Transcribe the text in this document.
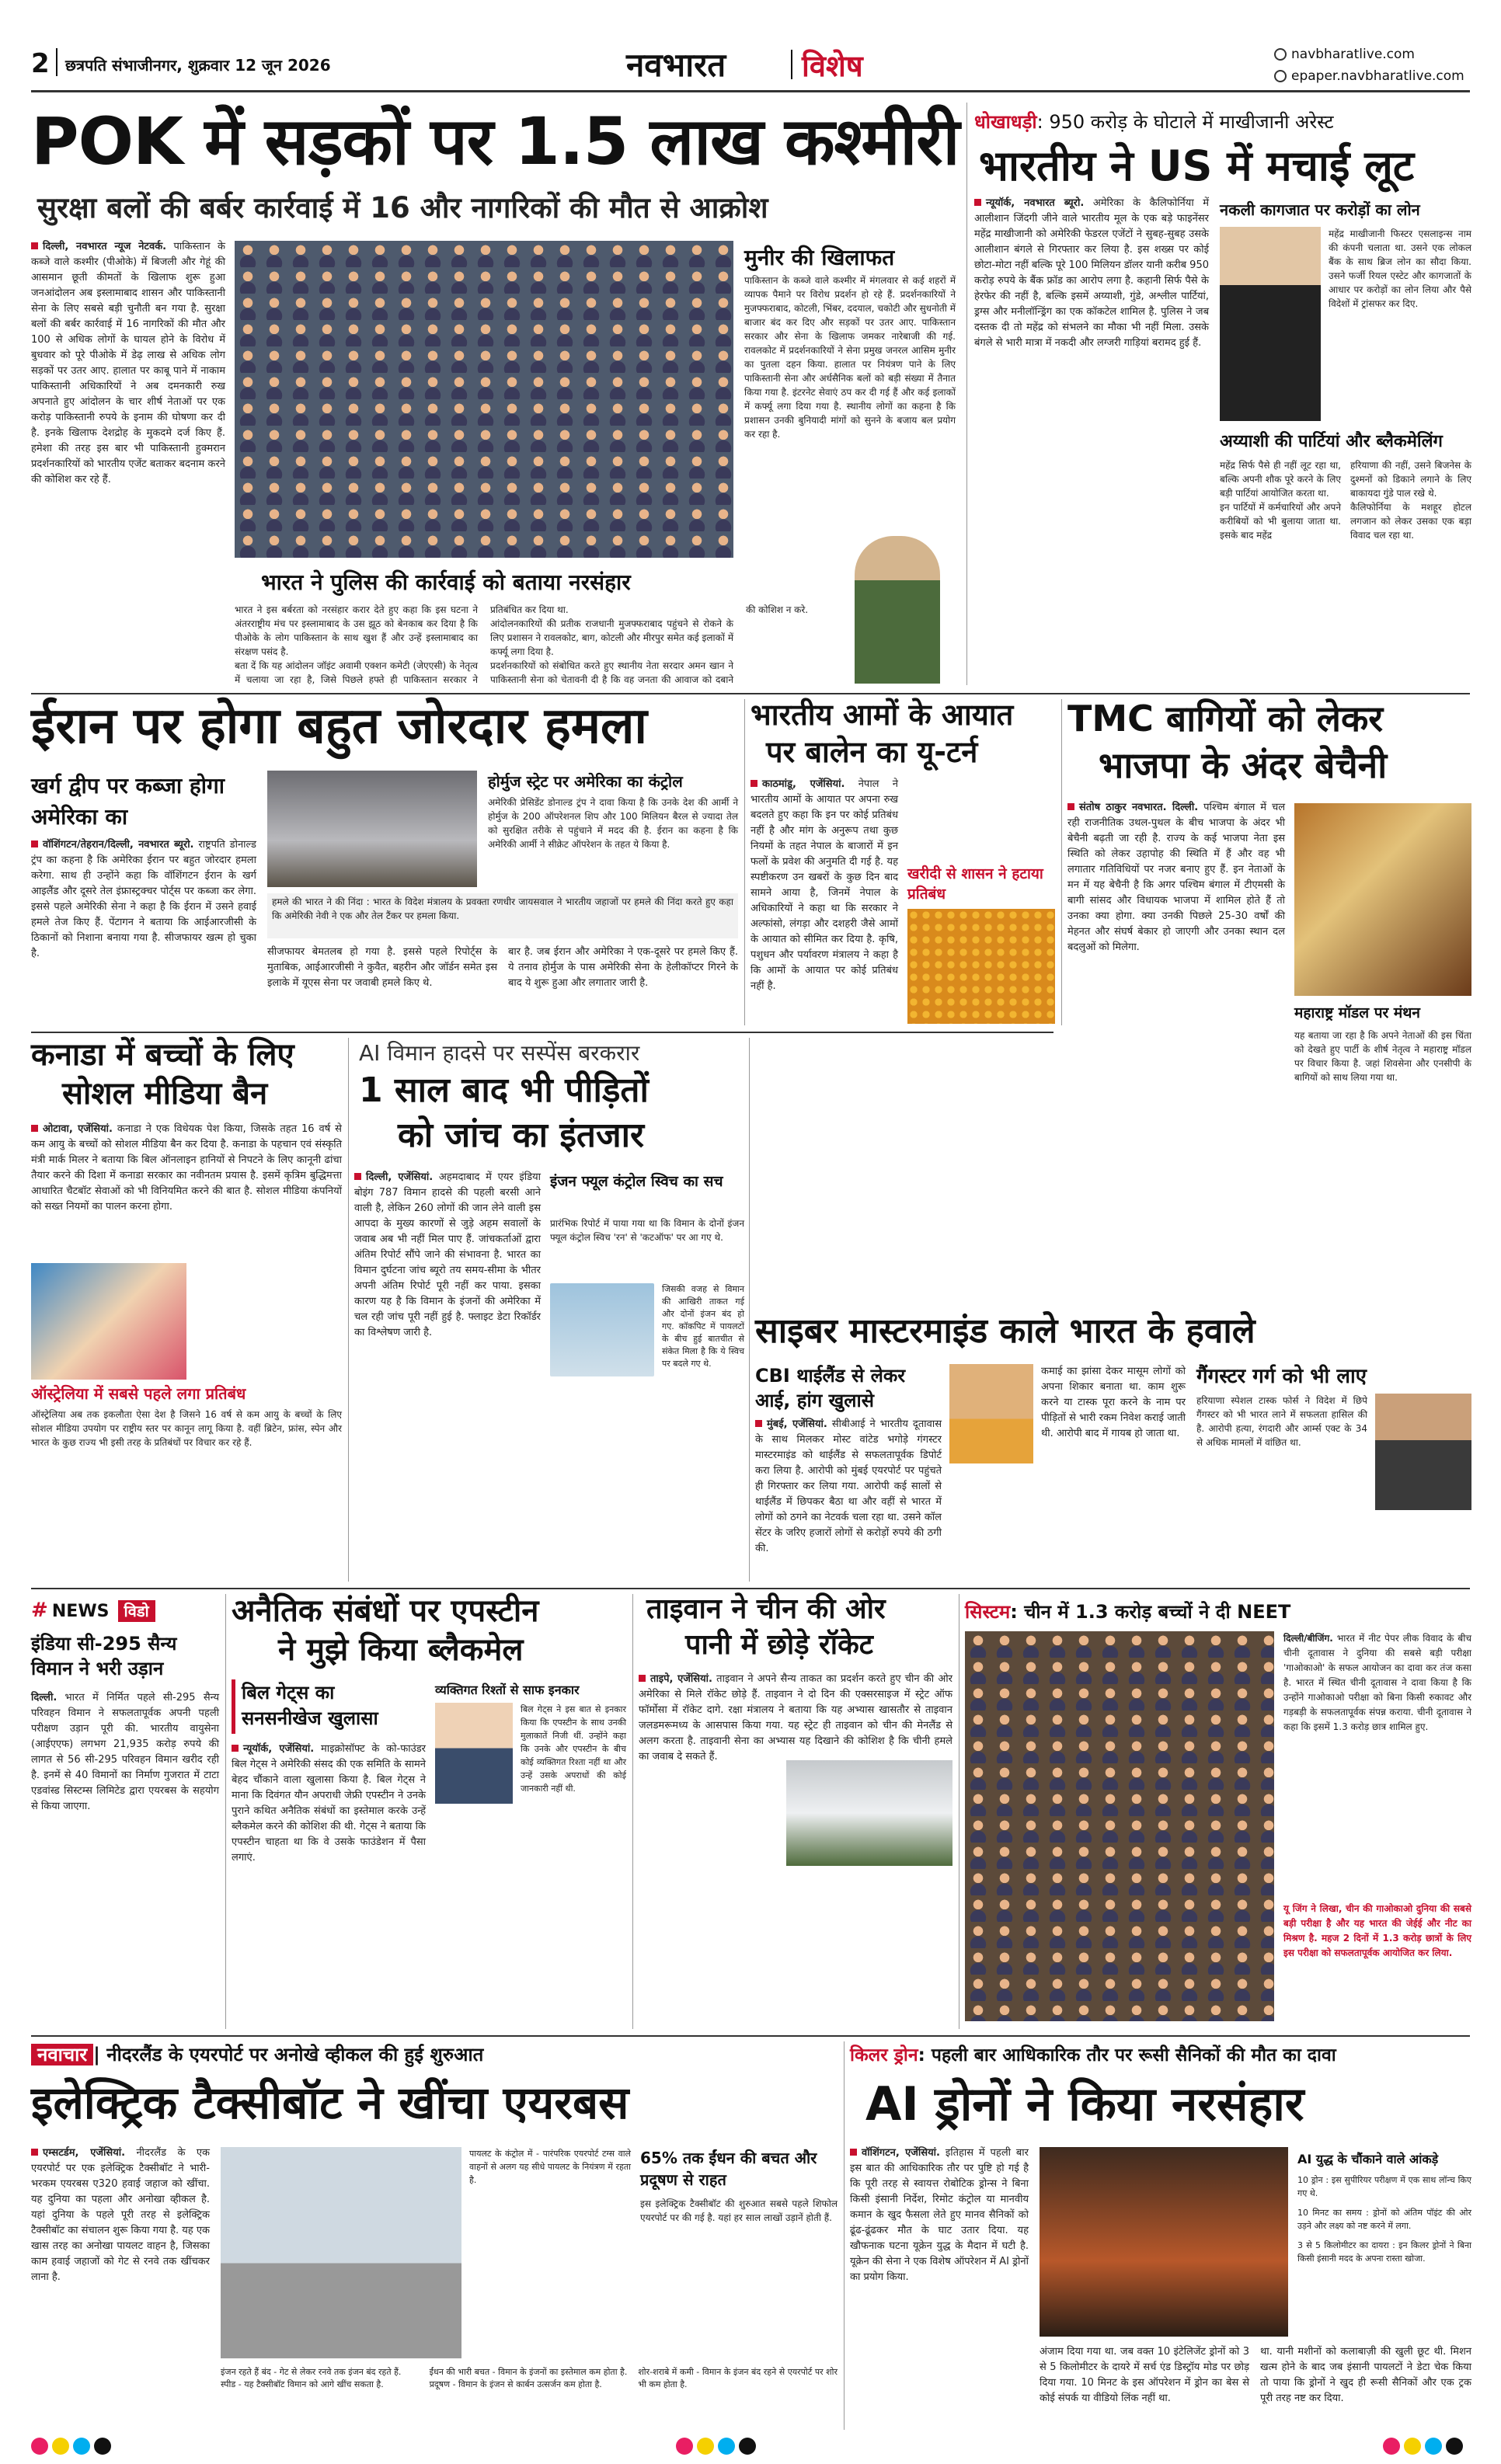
2 छत्रपति संभाजीनगर, शुक्रवार 12 जून 2026	नवभारत	विशेष	navbharatlive.com
epaper.navbharatlive.com
POK में सड़कों पर 1.5 लाख कश्मीरी
सुरक्षा बलों की बर्बर कार्रवाई में 16 और नागरिकों की मौत से आक्रोश
दिल्ली, नवभारत न्यूज नेटवर्क. पाकिस्तान के कब्जे वाले कश्मीर (पीओके) में बिजली और गेहूं की आसमान छूती कीमतों के खिलाफ शुरू हुआ जनआंदोलन अब इस्लामाबाद शासन और पाकिस्तानी सेना के लिए सबसे बड़ी चुनौती बन गया है. सुरक्षा बलों की बर्बर कार्रवाई में 16 नागरिकों की मौत और 100 से अधिक लोगों के घायल होने के विरोध में बुधवार को पूरे पीओके में डेढ़ लाख से अधिक लोग सड़कों पर उतर आए. हालात पर काबू पाने में नाकाम पाकिस्तानी अधिकारियों ने अब दमनकारी रुख अपनाते हुए आंदोलन के चार शीर्ष नेताओं पर एक करोड़ पाकिस्तानी रुपये के इनाम की घोषणा कर दी है. इनके खिलाफ देशद्रोह के मुकदमे दर्ज किए हैं. हमेशा की तरह इस बार भी पाकिस्तानी हुक्मरान प्रदर्शनकारियों को भारतीय एजेंट बताकर बदनाम करने की कोशिश कर रहे हैं.
भारत ने पुलिस की कार्रवाई को बताया नरसंहार
भारत ने इस बर्बरता को नरसंहार करार देते हुए कहा कि इस घटना ने अंतरराष्ट्रीय मंच पर इस्लामाबाद के उस झूठ को बेनकाब कर दिया है कि पीओके के लोग पाकिस्तान के साथ खुश हैं और उन्हें इस्लामाबाद का संरक्षण पसंद है.
बता दें कि यह आंदोलन जॉइंट अवामी एक्शन कमेटी (जेएएसी) के नेतृत्व में चलाया जा रहा है, जिसे पिछले हफ्ते ही पाकिस्तान सरकार ने प्रतिबंधित कर दिया था.
आंदोलनकारियों की प्रतीक राजधानी मुजफ्फराबाद पहुंचने से रोकने के लिए प्रशासन ने रावलकोट, बाग, कोटली और मीरपुर समेत कई इलाकों में कर्फ्यू लगा दिया है.
प्रदर्शनकारियों को संबोधित करते हुए स्थानीय नेता सरदार अमन खान ने पाकिस्तानी सेना को चेतावनी दी है कि वह जनता की आवाज को दबाने की कोशिश न करे.
मुनीर की खिलाफत
पाकिस्तान के कब्जे वाले कश्मीर में मंगलवार से कई शहरों में व्यापक पैमाने पर विरोध प्रदर्शन हो रहे हैं. प्रदर्शनकारियों ने मुजफ्फराबाद, कोटली, भिंबर, ददयाल, चकोटी और सुधनोती में बाजार बंद कर दिए और सड़कों पर उतर आए. पाकिस्तान सरकार और सेना के खिलाफ जमकर नारेबाजी की गई. रावलकोट में प्रदर्शनकारियों ने सेना प्रमुख जनरल आसिम मुनीर का पुतला दहन किया. हालात पर नियंत्रण पाने के लिए पाकिस्तानी सेना और अर्धसैनिक बलों को बड़ी संख्या में तैनात किया गया है. इंटरनेट सेवाएं ठप कर दी गई हैं और कई इलाकों में कर्फ्यू लगा दिया गया है. स्थानीय लोगों का कहना है कि प्रशासन उनकी बुनियादी मांगों को सुनने के बजाय बल प्रयोग कर रहा है.
धोखाधड़ी: 950 करोड़ के घोटाले में माखीजानी अरेस्ट
भारतीय ने US में मचाई लूट
न्यूयॉर्क, नवभारत ब्यूरो. अमेरिका के कैलिफोर्निया में आलीशान जिंदगी जीने वाले भारतीय मूल के एक बड़े फाइनेंसर महेंद्र माखीजानी को अमेरिकी फेडरल एजेंटों ने सुबह-सुबह उसके आलीशान बंगले से गिरफ्तार कर लिया है. इस शख्स पर कोई छोटा-मोटा नहीं बल्कि पूरे 100 मिलियन डॉलर यानी करीब 950 करोड़ रुपये के बैंक फ्रॉड का आरोप लगा है. कहानी सिर्फ पैसे के हेरफेर की नहीं है, बल्कि इसमें अय्याशी, गुंडे, अश्लील पार्टियां, ड्रग्स और मनीलॉन्ड्रिंग का एक कॉकटेल शामिल है. पुलिस ने जब दस्तक दी तो महेंद्र को संभलने का मौका भी नहीं मिला. उसके बंगले से भारी मात्रा में नकदी और लग्जरी गाड़ियां बरामद हुई हैं.
नकली कागजात पर करोड़ों का लोन
महेंद्र माखीजानी फिस्टर एसलाइन्स नाम की कंपनी चलाता था. उसने एक लोकल बैंक के साथ ब्रिज लोन का सौदा किया. उसने फर्जी रियल एस्टेट और कागजातों के आधार पर करोड़ों का लोन लिया और पैसे विदेशों में ट्रांसफर कर दिए.
अय्याशी की पार्टियां और ब्लैकमेलिंग
महेंद्र सिर्फ पैसे ही नहीं लूट रहा था, बल्कि अपनी शौक पूरे करने के लिए बड़ी पार्टियां आयोजित करता था.
इन पार्टियों में कर्मचारियों और अपने करीबियों को भी बुलाया जाता था. इसके बाद महेंद्र
हरियाणा की नहीं, उसने बिजनेस के दुश्मनों को डिकाने लगाने के लिए बाकायदा गुंडे पाल रखे थे.
कैलिफोर्निया के मशहूर होटल लगजान को लेकर उसका एक बड़ा विवाद चल रहा था.
ईरान पर होगा बहुत जोरदार हमला
खर्ग द्वीप पर कब्जा होगा अमेरिका का
वॉशिंगटन/तेहरान/दिल्ली, नवभारत ब्यूरो. राष्ट्रपति डोनाल्ड ट्रंप का कहना है कि अमेरिका ईरान पर बहुत जोरदार हमला करेगा. साथ ही उन्होंने कहा कि वॉशिंगटन ईरान के खर्ग आइलैंड और दूसरे तेल इंफ्रास्ट्रक्चर पोर्ट्स पर कब्जा कर लेगा. इससे पहले अमेरिकी सेना ने कहा है कि ईरान में उसने हवाई हमले तेज किए हैं. पेंटागन ने बताया कि आईआरजीसी के ठिकानों को निशाना बनाया गया है. सीजफायर खत्म हो चुका है.
होर्मुज स्ट्रेट पर अमेरिका का कंट्रोल
अमेरिकी प्रेसिडेंट डोनाल्ड ट्रंप ने दावा किया है कि उनके देश की आर्मी ने होर्मुज के 200 ऑपरेशनल शिप और 100 मिलियन बैरल से ज्यादा तेल को सुरक्षित तरीके से पहुंचाने में मदद की है. ईरान का कहना है कि अमेरिकी आर्मी ने सीक्रेट ऑपरेशन के तहत ये किया है.
हमले की भारत ने की निंदा : भारत के विदेश मंत्रालय के प्रवक्ता रणधीर जायसवाल ने भारतीय जहाजों पर हमले की निंदा करते हुए कहा कि अमेरिकी नेवी ने एक और तेल टैंकर पर हमला किया.
सीजफायर बेमतलब हो गया है. इससे पहले रिपोर्ट्स के मुताबिक, आईआरजीसी ने कुवैत, बहरीन और जॉर्डन समेत इस इलाके में यूएस सेना पर जवाबी हमले किए थे.
बार है. जब ईरान और अमेरिका ने एक-दूसरे पर हमले किए हैं. ये तनाव होर्मुज के पास अमेरिकी सेना के हेलीकॉप्टर गिरने के बाद ये शुरू हुआ और लगातार जारी है.
भारतीय आमों के आयात
पर बालेन का यू-टर्न
काठमांडू, एजेंसियां. नेपाल ने भारतीय आमों के आयात पर अपना रुख बदलते हुए कहा कि इन पर कोई प्रतिबंध नहीं है और मांग के अनुरूप तथा कुछ नियमों के तहत नेपाल के बाजारों में इन फलों के प्रवेश की अनुमति दी गई है. यह स्पष्टीकरण उन खबरों के कुछ दिन बाद सामने आया है, जिनमें नेपाल के अधिकारियों ने कहा था कि सरकार ने अल्फांसो, लंगड़ा और दशहरी जैसे आमों के आयात को सीमित कर दिया है. कृषि, पशुधन और पर्यावरण मंत्रालय ने कहा है कि आमों के आयात पर कोई प्रतिबंध नहीं है.
खरीदी से शासन ने हटाया प्रतिबंध
TMC बागियों को लेकर
भाजपा के अंदर बेचैनी
संतोष ठाकुर नवभारत. दिल्ली. पश्चिम बंगाल में चल रही राजनीतिक उथल-पुथल के बीच भाजपा के अंदर भी बेचैनी बढ़ती जा रही है. राज्य के कई भाजपा नेता इस स्थिति को लेकर उहापोह की स्थिति में हैं और वह भी लगातार गतिविधियों पर नजर बनाए हुए हैं. इन नेताओं के मन में यह बेचैनी है कि अगर पश्चिम बंगाल में टीएमसी के बागी सांसद और विधायक भाजपा में शामिल होते हैं तो उनका क्या होगा. क्या उनकी पिछले 25-30 वर्षों की मेहनत और संघर्ष बेकार हो जाएगी और उनका स्थान दल बदलुओं को मिलेगा.
महाराष्ट्र मॉडल पर मंथन
यह बताया जा रहा है कि अपने नेताओं की इस चिंता को देखते हुए पार्टी के शीर्ष नेतृत्व ने महाराष्ट्र मॉडल पर विचार किया है. जहां शिवसेना और एनसीपी के बागियों को साथ लिया गया था.
कनाडा में बच्चों के लिए
सोशल मीडिया बैन
ओटावा, एजेंसियां. कनाडा ने एक विधेयक पेश किया, जिसके तहत 16 वर्ष से कम आयु के बच्चों को सोशल मीडिया बैन कर दिया है. कनाडा के पहचान एवं संस्कृति मंत्री मार्क मिलर ने बताया कि बिल ऑनलाइन हानियों से निपटने के लिए कानूनी ढांचा तैयार करने की दिशा में कनाडा सरकार का नवीनतम प्रयास है. इसमें कृत्रिम बुद्धिमत्ता आधारित चैटबॉट सेवाओं को भी विनियमित करने की बात है. सोशल मीडिया कंपनियों को सख्त नियमों का पालन करना होगा.
ऑस्ट्रेलिया में सबसे पहले लगा प्रतिबंध
ऑस्ट्रेलिया अब तक इकलौता ऐसा देश है जिसने 16 वर्ष से कम आयु के बच्चों के लिए सोशल मीडिया उपयोग पर राष्ट्रीय स्तर पर कानून लागू किया है. वहीं ब्रिटेन, फ्रांस, स्पेन और भारत के कुछ राज्य भी इसी तरह के प्रतिबंधों पर विचार कर रहे हैं.
AI विमान हादसे पर सस्पेंस बरकरार
1 साल बाद भी पीड़ितों
को जांच का इंतजार
दिल्ली, एजेंसियां. अहमदाबाद में एयर इंडिया बोइंग 787 विमान हादसे की पहली बरसी आने वाली है, लेकिन 260 लोगों की जान लेने वाली इस आपदा के मुख्य कारणों से जुड़े अहम सवालों के जवाब अब भी नहीं मिल पाए हैं. जांचकर्ताओं द्वारा अंतिम रिपोर्ट सौंपे जाने की संभावना है. भारत का विमान दुर्घटना जांच ब्यूरो तय समय-सीमा के भीतर अपनी अंतिम रिपोर्ट पूरी नहीं कर पाया. इसका कारण यह है कि विमान के इंजनों की अमेरिका में चल रही जांच पूरी नहीं हुई है. फ्लाइट डेटा रिकॉर्डर का विश्लेषण जारी है.
इंजन फ्यूल कंट्रोल स्विच का सच
प्रारंभिक रिपोर्ट में पाया गया था कि विमान के दोनों इंजन फ्यूल कंट्रोल स्विच 'रन' से 'कटऑफ' पर आ गए थे.
जिसकी वजह से विमान की आखिरी ताकत गई और दोनों इंजन बंद हो गए. कॉकपिट में पायलटों के बीच हुई बातचीत से संकेत मिला है कि ये स्विच पर बदले गए थे.
साइबर मास्टरमाइंड काले भारत के हवाले
CBI थाईलैंड से लेकर
आई, हांग खुलासे
मुंबई, एजेंसियां. सीबीआई ने भारतीय दूतावास के साथ मिलकर मोस्ट वांटेड भगोड़े गंगस्टर मास्टरमाइंड को थाईलैंड से सफलतापूर्वक डिपोर्ट करा लिया है. आरोपी को मुंबई एयरपोर्ट पर पहुंचते ही गिरफ्तार कर लिया गया. आरोपी कई सालों से थाईलैंड में छिपकर बैठा था और वहीं से भारत में लोगों को ठगने का नेटवर्क चला रहा था. उसने कॉल सेंटर के जरिए हजारों लोगों से करोड़ों रुपये की ठगी की.
कमाई का झांसा देकर मासूम लोगों को अपना शिकार बनाता था. काम शुरू करने या टास्क पूरा करने के नाम पर पीड़ितों से भारी रकम निवेश कराई जाती थी. आरोपी बाद में गायब हो जाता था.
गैंगस्टर गर्ग को भी लाए
हरियाणा स्पेशल टास्क फोर्स ने विदेश में छिपे गैंगस्टर को भी भारत लाने में सफलता हासिल की है. आरोपी हत्या, रंगदारी और आर्म्स एक्ट के 34 से अधिक मामलों में वांछित था.
# NEWS विडो
इंडिया सी-295 सैन्य विमान ने भरी उड़ान
दिल्ली. भारत में निर्मित पहले सी-295 सैन्य परिवहन विमान ने सफलतापूर्वक अपनी पहली परीक्षण उड़ान पूरी की. भारतीय वायुसेना (आईएएफ) लगभग 21,935 करोड़ रुपये की लागत से 56 सी-295 परिवहन विमान खरीद रही है. इनमें से 40 विमानों का निर्माण गुजरात में टाटा एडवांस्ड सिस्टम्स लिमिटेड द्वारा एयरबस के सहयोग से किया जाएगा.
अनैतिक संबंधों पर एपस्टीन
ने मुझे किया ब्लैकमेल
बिल गेट्स का
सनसनीखेज खुलासा
न्यूयॉर्क, एजेंसियां. माइक्रोसॉफ्ट के को-फाउंडर बिल गेट्स ने अमेरिकी संसद की एक समिति के सामने बेहद चौंकाने वाला खुलासा किया है. बिल गेट्स ने माना कि दिवंगत यौन अपराधी जेफ्री एपस्टीन ने उनके पुराने कथित अनैतिक संबंधों का इस्तेमाल करके उन्हें ब्लैकमेल करने की कोशिश की थी. गेट्स ने बताया कि एपस्टीन चाहता था कि वे उसके फाउंडेशन में पैसा लगाएं.
व्यक्तिगत रिश्तों से साफ इनकार
बिल गेट्स ने इस बात से इनकार किया कि एपस्टीन के साथ उनकी मुलाकातें निजी थीं. उन्होंने कहा कि उनके और एपस्टीन के बीच कोई व्यक्तिगत रिश्ता नहीं था और उन्हें उसके अपराधों की कोई जानकारी नहीं थी.
ताइवान ने चीन की ओर
पानी में छोड़े रॉकेट
ताइपे, एजेंसियां. ताइवान ने अपने सैन्य ताकत का प्रदर्शन करते हुए चीन की ओर अमेरिका से मिले रॉकेट छोड़े हैं. ताइवान ने दो दिन की एक्सरसाइज में स्ट्रेट ऑफ फॉर्मोसा में रॉकेट दागे. रक्षा मंत्रालय ने बताया कि यह अभ्यास खासतौर से ताइवान जलडमरूमध्य के आसपास किया गया. यह स्ट्रेट ही ताइवान को चीन की मेनलैंड से अलग करता है. ताइवानी सेना का अभ्यास यह दिखाने की कोशिश है कि चीनी हमले का जवाब दे सकते हैं.
सिस्टम: चीन में 1.3 करोड़ बच्चों ने दी NEET
दिल्ली/बीजिंग. भारत में नीट पेपर लीक विवाद के बीच चीनी दूतावास ने दुनिया की सबसे बड़ी परीक्षा 'गाओकाओ' के सफल आयोजन का दावा कर तंज कसा है. भारत में स्थित चीनी दूतावास ने दावा किया है कि उन्होंने गाओकाओ परीक्षा को बिना किसी रुकावट और गड़बड़ी के सफलतापूर्वक संपन्न कराया. चीनी दूतावास ने कहा कि इसमें 1.3 करोड़ छात्र शामिल हुए.
यू जिंग ने लिखा, चीन की गाओकाओ दुनिया की सबसे बड़ी परीक्षा है और यह भारत की जेईई और नीट का मिश्रण है. महज 2 दिनों में 1.3 करोड़ छात्रों के लिए इस परीक्षा को सफलतापूर्वक आयोजित कर लिया.
नवाचार | नीदरलैंड के एयरपोर्ट पर अनोखे व्हीकल की हुई शुरुआत
इलेक्ट्रिक टैक्सीबॉट ने खींचा एयरबस
एम्सटर्डम, एजेंसियां. नीदरलैंड के एक एयरपोर्ट पर एक इलेक्ट्रिक टैक्सीबॉट ने भारी-भरकम एयरबस ए320 हवाई जहाज को खींचा. यह दुनिया का पहला और अनोखा व्हीकल है. यहां दुनिया के पहले पूरी तरह से इलेक्ट्रिक टैक्सीबॉट का संचालन शुरू किया गया है. यह एक खास तरह का अनोखा पायलट वाहन है, जिसका काम हवाई जहाजों को गेट से रनवे तक खींचकर लाना है.
पायलट के कंट्रोल में - पारंपरिक एयरपोर्ट टग्स वाले वाहनों से अलग यह सीधे पायलट के नियंत्रण में रहता है.
65% तक ईंधन की बचत और प्रदूषण से राहत
इस इलेक्ट्रिक टैक्सीबॉट की शुरुआत सबसे पहले शिफोल एयरपोर्ट पर की गई है. यहां हर साल लाखों उड़ानें होती हैं.
इंजन रहते हैं बंद - गेट से लेकर रनवे तक इंजन बंद रहते हैं.
स्पीड - यह टैक्सीबॉट विमान को आगे खींच सकता है.
ईंधन की भारी बचत - विमान के इंजनों का इस्तेमाल कम होता है.
प्रदूषण - विमान के इंजन से कार्बन उत्सर्जन कम होता है.
शोर-शराबे में कमी - विमान के इंजन बंद रहने से एयरपोर्ट पर शोर भी कम होता है.
किलर ड्रोन: पहली बार आधिकारिक तौर पर रूसी सैनिकों की मौत का दावा
AI ड्रोनों ने किया नरसंहार
वॉशिंगटन, एजेंसियां. इतिहास में पहली बार इस बात की आधिकारिक तौर पर पुष्टि हो गई है कि पूरी तरह से स्वायत्त रोबोटिक ड्रोन्स ने बिना किसी इंसानी निर्देश, रिमोट कंट्रोल या मानवीय कमान के खुद फैसला लेते हुए मानव सैनिकों को ढूंढ-ढूंढकर मौत के घाट उतार दिया. यह खौफनाक घटना यूक्रेन युद्ध के मैदान में घटी है. यूक्रेन की सेना ने एक विशेष ऑपरेशन में AI ड्रोनों का प्रयोग किया.
AI युद्ध के चौंकाने वाले आंकड़े
10 ड्रोन : इस सुपीरियर परीक्षण में एक साथ लॉन्च किए गए थे.
10 मिनट का समय : ड्रोनों को अंतिम पॉइंट की ओर उड़ने और लक्ष्य को नष्ट करने में लगा.
3 से 5 किलोमीटर का दायरा : इन किलर ड्रोनों ने बिना किसी इंसानी मदद के अपना रास्ता खोजा.
अंजाम दिया गया था. जब वक्त 10 इंटेलिजेंट ड्रोनों को 3 से 5 किलोमीटर के दायरे में सर्च एंड डिस्ट्रॉय मोड पर छोड़ दिया गया. 10 मिनट के इस ऑपरेशन में ड्रोन का बेस से कोई संपर्क या वीडियो लिंक नहीं था.
था. यानी मशीनों को कलाबाज़ी की खुली छूट थी. मिशन खत्म होने के बाद जब इंसानी पायलटों ने डेटा चेक किया तो पाया कि ड्रोनों ने खुद ही रूसी सैनिकों और एक ट्रक पूरी तरह नष्ट कर दिया.
